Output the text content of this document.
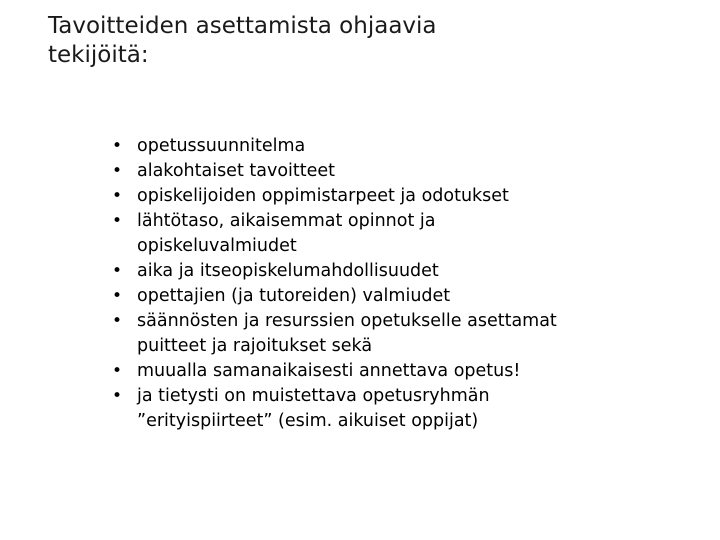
Tavoitteiden asettamista ohjaavia
tekijöitä:
• opetussuunnitelma
• alakohtaiset tavoitteet
• opiskelijoiden oppimistarpeet ja odotukset
• lähtötaso, aikaisemmat opinnot ja
opiskeluvalmiudet
• aika ja itseopiskelumahdollisuudet
• opettajien (ja tutoreiden) valmiudet
• säännösten ja resurssien opetukselle asettamat
puitteet ja rajoitukset sekä
• muualla samanaikaisesti annettava opetus!
• ja tietysti on muistettava opetusryhmän
”erityispiirteet” (esim. aikuiset oppijat)
